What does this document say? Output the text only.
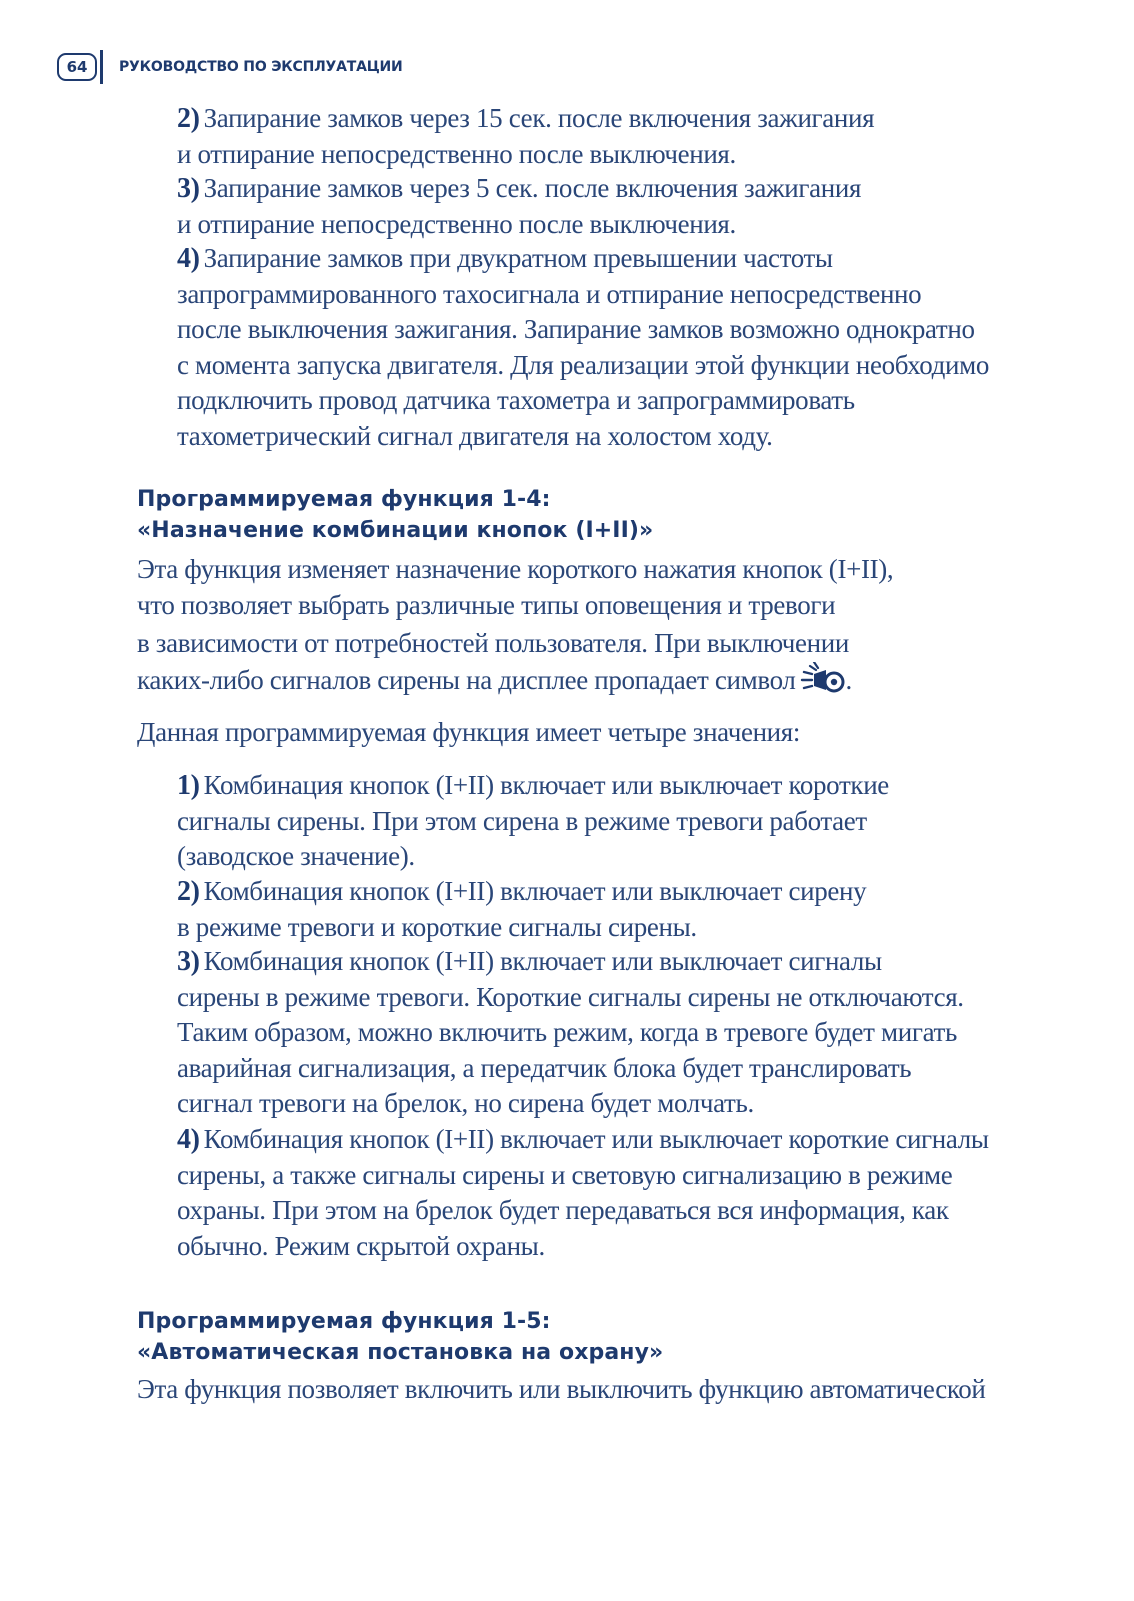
64	РУКОВОДСТВО ПО ЭКСПЛУАТАЦИИ
2) Запирание замков через 15 сек. после включения зажигания
и отпирание непосредственно после выключения.
3) Запирание замков через 5 сек. после включения зажигания
и отпирание непосредственно после выключения.
4) Запирание замков при двукратном превышении частоты
запрограммированного тахосигнала и отпирание непосредственно
после выключения зажигания. Запирание замков возможно однократно
с момента запуска двигателя. Для реализации этой функции необходимо
подключить провод датчика тахометра и запрограммировать
тахометрический сигнал двигателя на холостом ходу.
Программируемая функция 1-4:
«Назначение комбинации кнопок (I+II)»
Эта функция изменяет назначение короткого нажатия кнопок (I+II),
что позволяет выбрать различные типы оповещения и тревоги
в зависимости от потребностей пользователя. При выключении
каких-либо сигналов сирены на дисплее пропадает символ .
Данная программируемая функция имеет четыре значения:
1) Комбинация кнопок (I+II) включает или выключает короткие
сигналы сирены. При этом сирена в режиме тревоги работает
(заводское значение).
2) Комбинация кнопок (I+II) включает или выключает сирену
в режиме тревоги и короткие сигналы сирены.
3) Комбинация кнопок (I+II) включает или выключает сигналы
сирены в режиме тревоги. Короткие сигналы сирены не отключаются.
Таким образом, можно включить режим, когда в тревоге будет мигать
аварийная сигнализация, а передатчик блока будет транслировать
сигнал тревоги на брелок, но сирена будет молчать.
4) Комбинация кнопок (I+II) включает или выключает короткие сигналы
сирены, а также сигналы сирены и световую сигнализацию в режиме
охраны. При этом на брелок будет передаваться вся информация, как
обычно. Режим скрытой охраны.
Программируемая функция 1-5:
«Автоматическая постановка на охрану»
Эта функция позволяет включить или выключить функцию автоматической
